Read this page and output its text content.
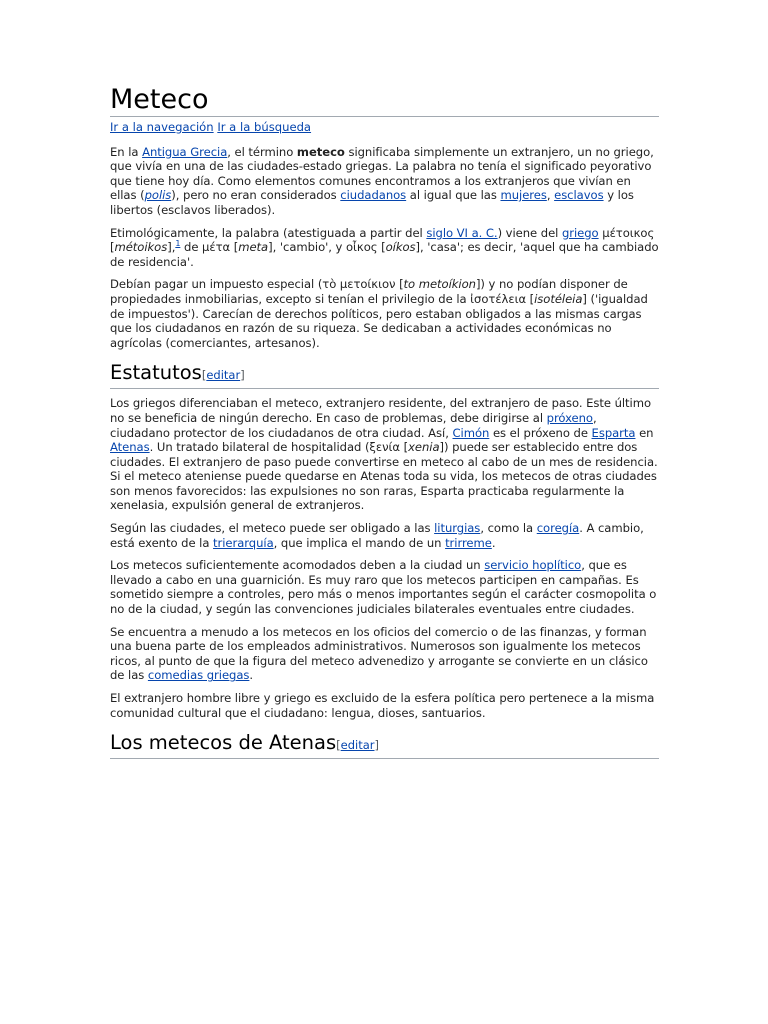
Meteco
Ir a la navegación Ir a la búsqueda

En la Antigua Grecia, el término meteco significaba simplemente un extranjero, un no griego, que vivía en una de las ciudades-estado griegas. La palabra no tenía el significado peyorativo que tiene hoy día. Como elementos comunes encontramos a los extranjeros que vivían en ellas (polis), pero no eran considerados ciudadanos al igual que las mujeres, esclavos y los libertos (esclavos liberados).

Etimológicamente, la palabra (atestiguada a partir del siglo VI a. C.) viene del griego μέτοικος [métoikos],$^1$ de μέτα [meta], 'cambio', y οἶκος [oíkos], 'casa'; es decir, 'aquel que ha cambiado de residencia'.

Debían pagar un impuesto especial (τὸ μετοίκιον [to metoíkion]) y no podían disponer de propiedades inmobiliarias, excepto si tenían el privilegio de la ἰσοτέλεια [isotéleia] ('igualdad de impuestos'). Carecían de derechos políticos, pero estaban obligados a las mismas cargas que los ciudadanos en razón de su riqueza. Se dedicaban a actividades económicas no agrícolas (comerciantes, artesanos).

Estatutos[editar]

Los griegos diferenciaban el meteco, extranjero residente, del extranjero de paso. Este último no se beneficia de ningún derecho. En caso de problemas, debe dirigirse al próxeno, ciudadano protector de los ciudadanos de otra ciudad. Así, Cimón es el próxeno de Esparta en Atenas. Un tratado bilateral de hospitalidad (ξενία [xenia]) puede ser establecido entre dos ciudades. El extranjero de paso puede convertirse en meteco al cabo de un mes de residencia. Si el meteco ateniense puede quedarse en Atenas toda su vida, los metecos de otras ciudades son menos favorecidos: las expulsiones no son raras, Esparta practicaba regularmente la xenelasia, expulsión general de extranjeros.

Según las ciudades, el meteco puede ser obligado a las liturgias, como la coregía. A cambio, está exento de la trierarquía, que implica el mando de un trirreme.

Los metecos suficientemente acomodados deben a la ciudad un servicio hoplítico, que es llevado a cabo en una guarnición. Es muy raro que los metecos participen en campañas. Es sometido siempre a controles, pero más o menos importantes según el carácter cosmopolita o no de la ciudad, y según las convenciones judiciales bilaterales eventuales entre ciudades.

Se encuentra a menudo a los metecos en los oficios del comercio o de las finanzas, y forman una buena parte de los empleados administrativos. Numerosos son igualmente los metecos ricos, al punto de que la figura del meteco advenedizo y arrogante se convierte en un clásico de las comedias griegas.

El extranjero hombre libre y griego es excluido de la esfera política pero pertenece a la misma comunidad cultural que el ciudadano: lengua, dioses, santuarios.

Los metecos de Atenas[editar]
